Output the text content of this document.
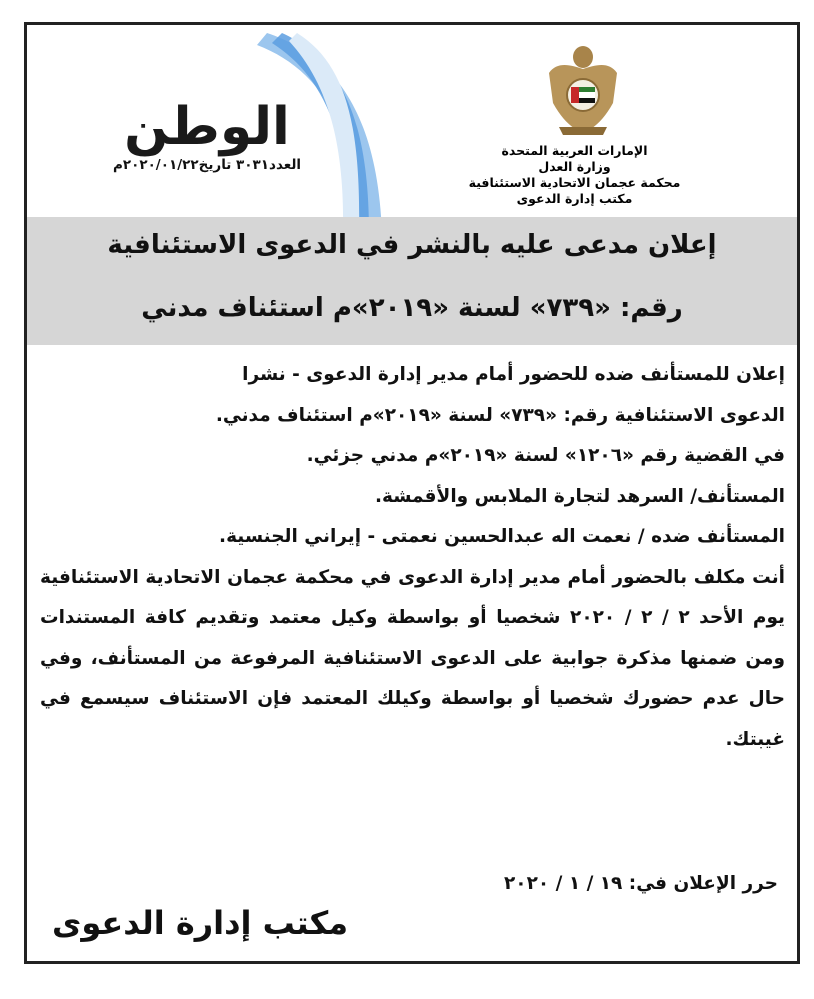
الإمارات العربية المتحدة
وزارة العدل
محكمة عجمان الاتحادية الاستئنافية
مكتب إدارة الدعوى
الوطن
العدد٣٠٣١ تاريخ٢٠٢٠/٠١/٢٢م
إعلان مدعى عليه بالنشر في الدعوى الاستئنافية
رقم: «٧٣٩» لسنة «٢٠١٩»م استئناف مدني

إعلان للمستأنف ضده للحضور أمام مدير إدارة الدعوى - نشرا

الدعوى الاستئنافية رقم: «٧٣٩» لسنة «٢٠١٩»م استئناف مدني.

في القضية رقم «١٢٠٦» لسنة «٢٠١٩»م مدني جزئي.

المستأنف/ السرهد لتجارة الملابس والأقمشة.

المستأنف ضده / نعمت اله عبدالحسين نعمتى - إيراني الجنسية.

أنت مكلف بالحضور أمام مدير إدارة الدعوى في محكمة عجمان الاتحادية الاستئنافية يوم الأحد ٢ / ٢ / ٢٠٢٠ شخصيا أو بواسطة وكيل معتمد وتقديم كافة المستندات ومن ضمنها مذكرة جوابية على الدعوى الاستئنافية المرفوعة من المستأنف، وفي حال عدم حضورك شخصيا أو بواسطة وكيلك المعتمد فإن الاستئناف سيسمع في غيبتك.

حرر الإعلان في: ١٩ / ١ / ٢٠٢٠
مكتب إدارة الدعوى
